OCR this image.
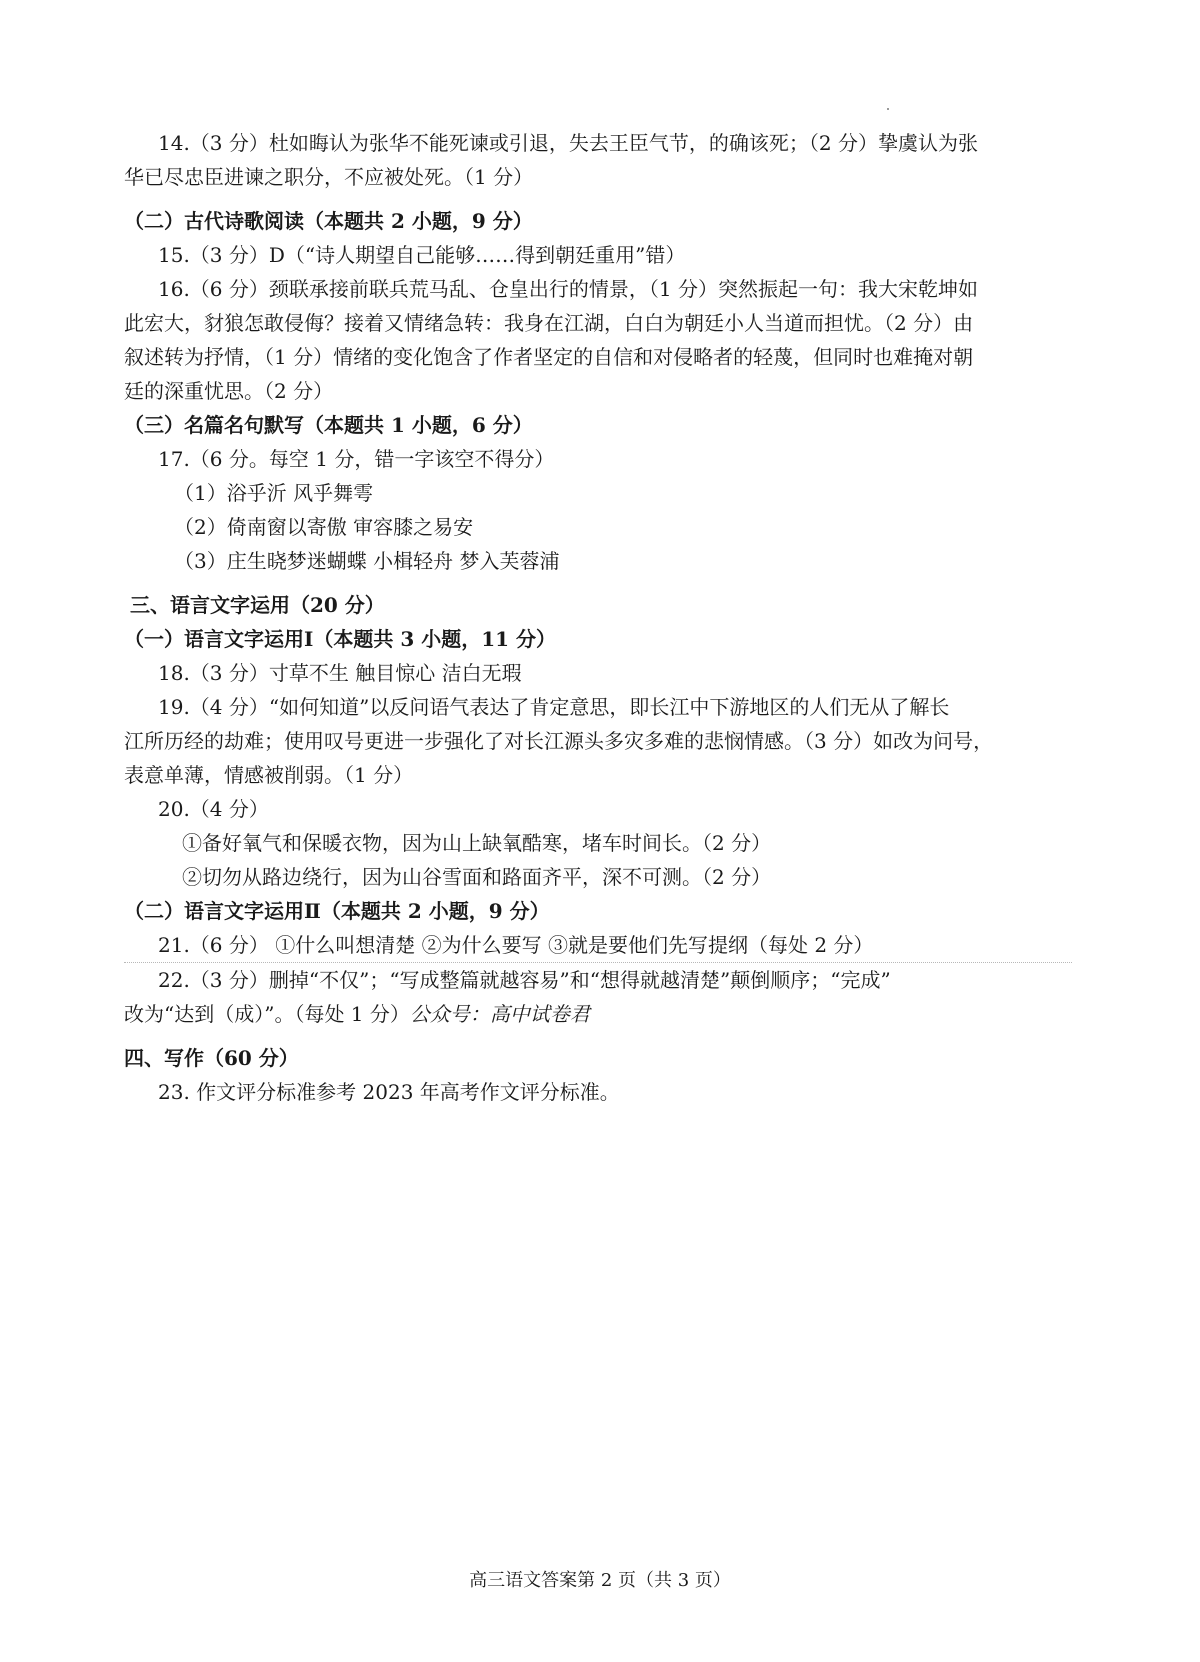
14.（3 分）杜如晦认为张华不能死谏或引退，失去王臣气节，的确该死；（2 分）挚虞认为张
华已尽忠臣进谏之职分，不应被处死。（1 分）
（二）古代诗歌阅读（本题共 2 小题，9 分）
15.（3 分）D（“诗人期望自己能够……得到朝廷重用”错）
16.（6 分）颈联承接前联兵荒马乱、仓皇出行的情景，（1 分）突然振起一句：我大宋乾坤如
此宏大，豺狼怎敢侵侮？接着又情绪急转：我身在江湖，白白为朝廷小人当道而担忧。（2 分）由
叙述转为抒情，（1 分）情绪的变化饱含了作者坚定的自信和对侵略者的轻蔑，但同时也难掩对朝
廷的深重忧思。（2 分）
（三）名篇名句默写（本题共 1 小题，6 分）
17.（6 分。每空 1 分，错一字该空不得分）
（1）浴乎沂 风乎舞雩
（2）倚南窗以寄傲 审容膝之易安
（3）庄生晓梦迷蝴蝶 小楫轻舟 梦入芙蓉浦
三、语言文字运用（20 分）
（一）语言文字运用Ⅰ（本题共 3 小题，11 分）
18.（3 分）寸草不生 触目惊心 洁白无瑕
19.（4 分）“如何知道”以反问语气表达了肯定意思，即长江中下游地区的人们无从了解长
江所历经的劫难；使用叹号更进一步强化了对长江源头多灾多难的悲悯情感。（3 分）如改为问号，
表意单薄，情感被削弱。（1 分）
20.（4 分）
①备好氧气和保暖衣物，因为山上缺氧酷寒，堵车时间长。（2 分）
②切勿从路边绕行，因为山谷雪面和路面齐平，深不可测。（2 分）
（二）语言文字运用Ⅱ（本题共 2 小题，9 分）
21.（6 分） ①什么叫想清楚 ②为什么要写 ③就是要他们先写提纲（每处 2 分）
22.（3 分）删掉“不仅”；“写成整篇就越容易”和“想得就越清楚”颠倒顺序；“完成”
改为“达到（成）”。（每处 1 分）公众号：高中试卷君
四、写作（60 分）
23. 作文评分标准参考 2023 年高考作文评分标准。
高三语文答案第 2 页（共 3 页）
